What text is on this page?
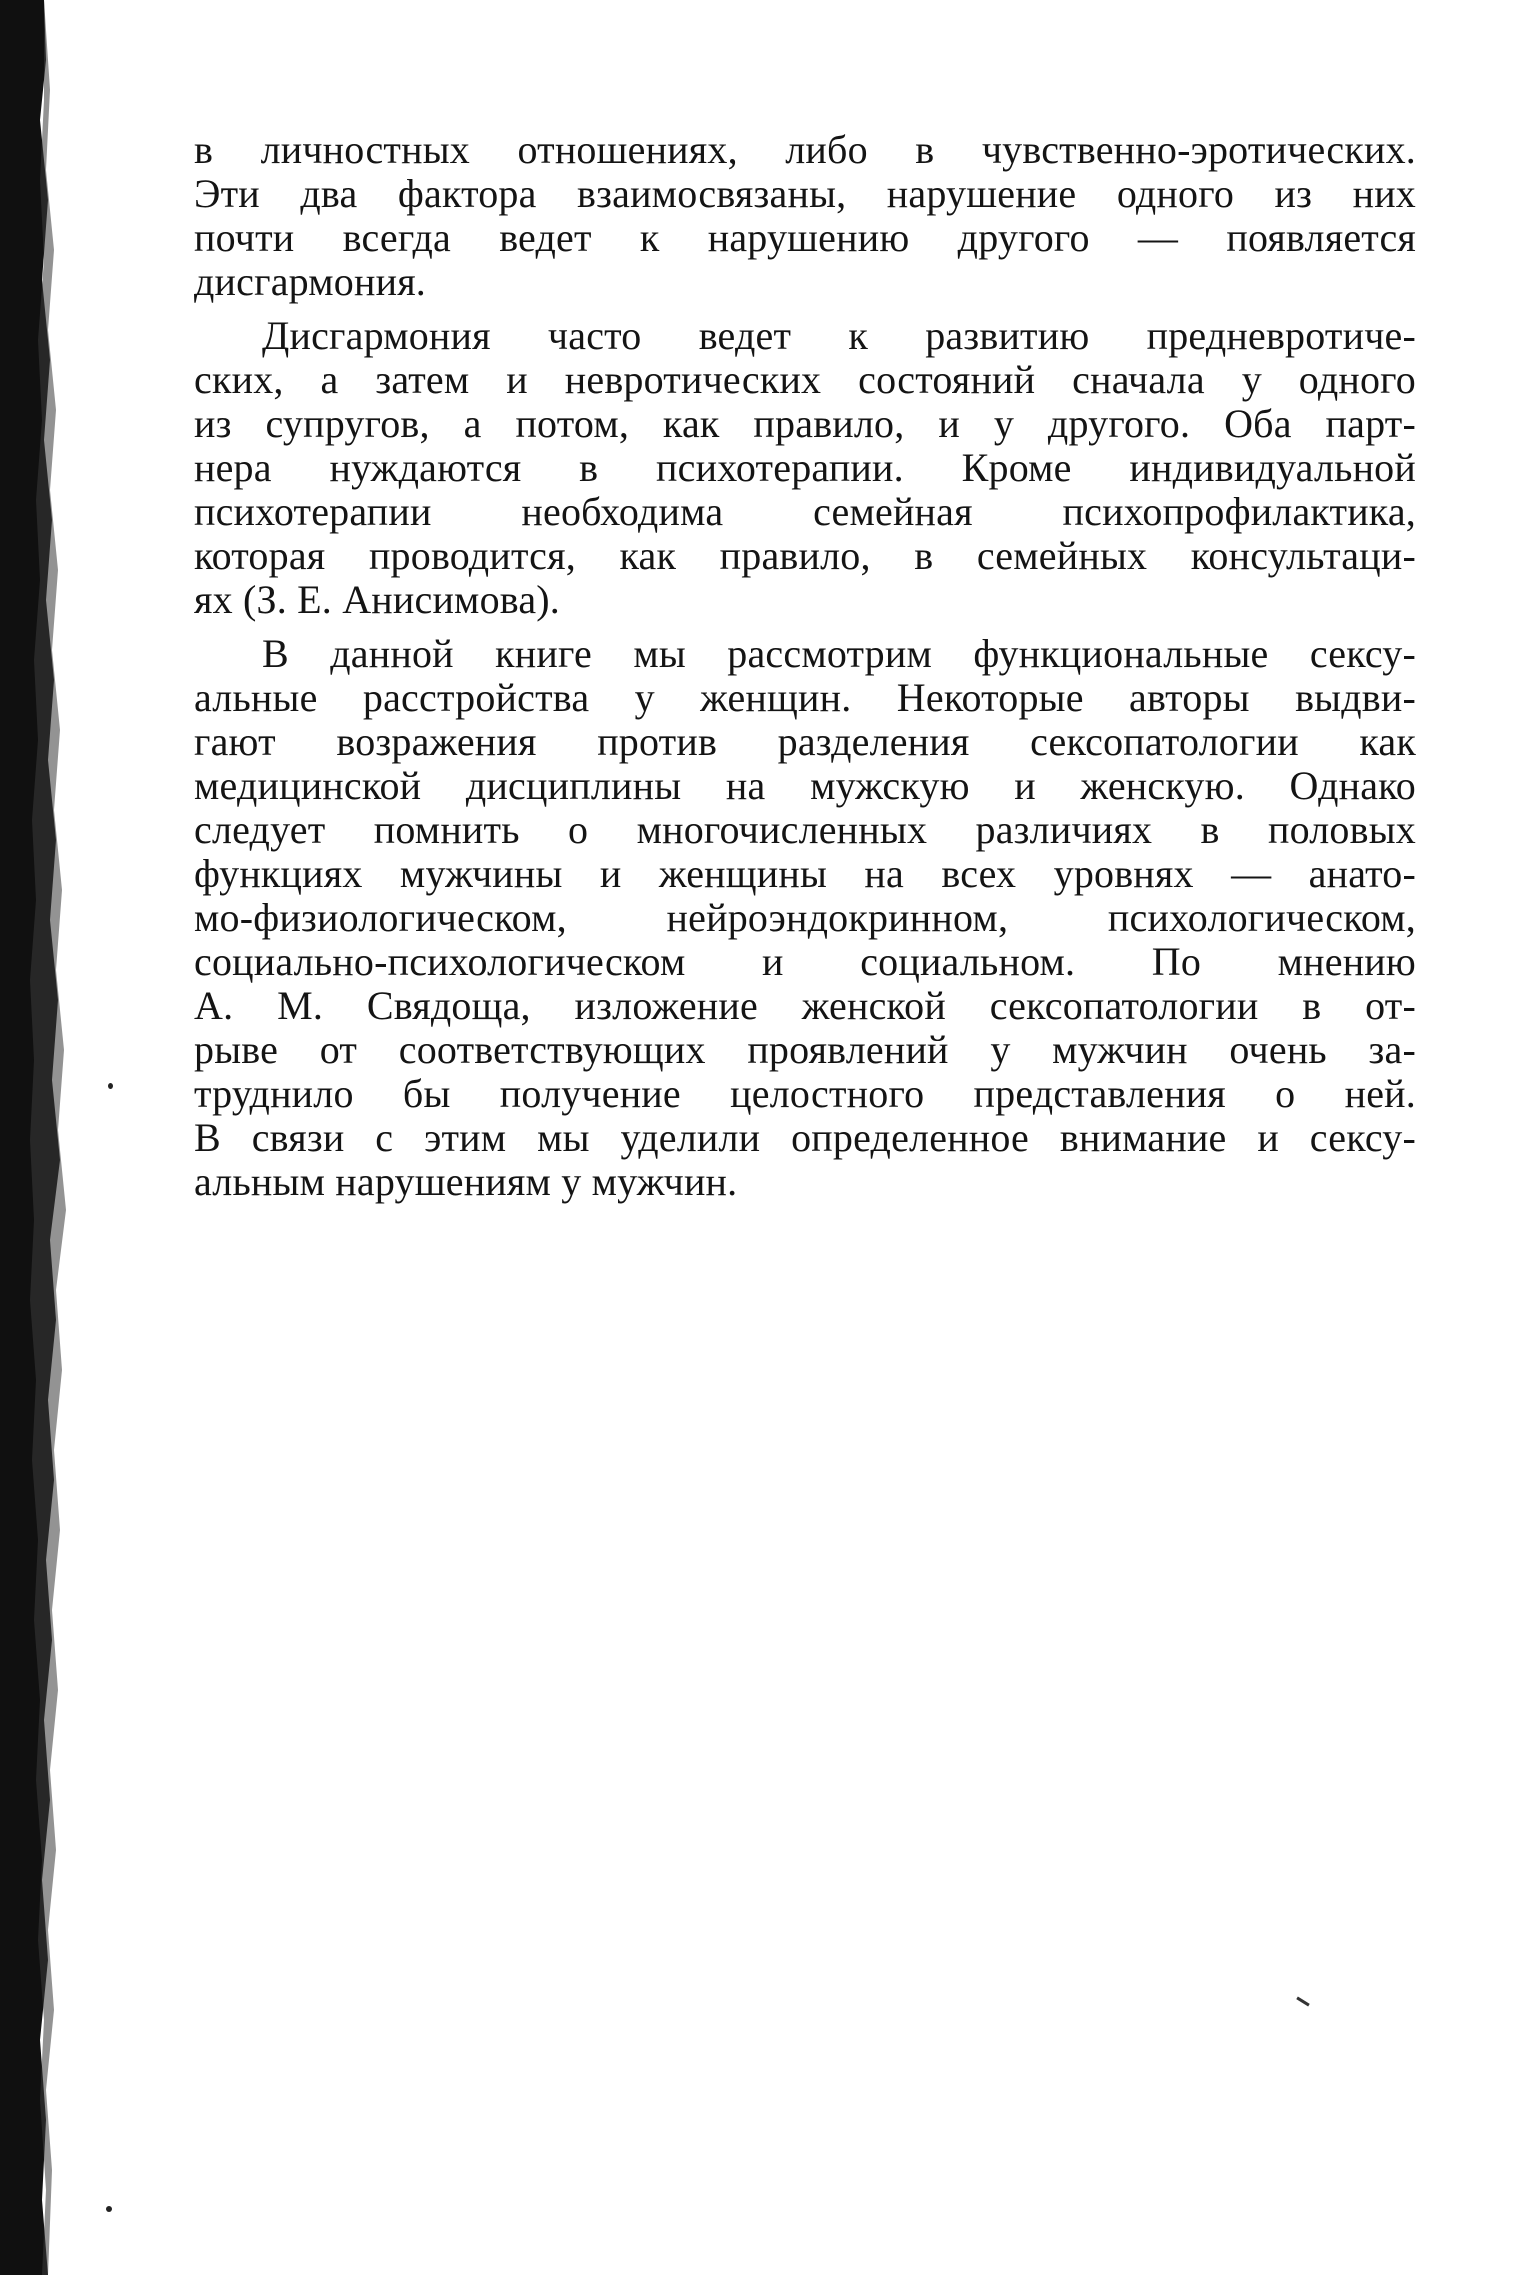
в личностных отношениях, либо в чувственно-эротических.
Эти два фактора взаимосвязаны, нарушение одного из них
почти всегда ведет к нарушению другого — появляется
дисгармония.
Дисгармония часто ведет к развитию предневротиче-
ских, а затем и невротических состояний сначала у одного
из супругов, а потом, как правило, и у другого. Оба парт-
нера нуждаются в психотерапии. Кроме индивидуальной
психотерапии необходима семейная психопрофилактика,
которая проводится, как правило, в семейных консультаци-
ях (З. Е. Анисимова).
В данной книге мы рассмотрим функциональные сексу-
альные расстройства у женщин. Некоторые авторы выдви-
гают возражения против разделения сексопатологии как
медицинской дисциплины на мужскую и женскую. Однако
следует помнить о многочисленных различиях в половых
функциях мужчины и женщины на всех уровнях — анато-
мо-физиологическом, нейроэндокринном, психологическом,
социально-психологическом и социальном. По мнению
А. М. Свядоща, изложение женской сексопатологии в от-
рыве от соответствующих проявлений у мужчин очень за-
труднило бы получение целостного представления о ней.
В связи с этим мы уделили определенное внимание и сексу-
альным нарушениям у мужчин.
